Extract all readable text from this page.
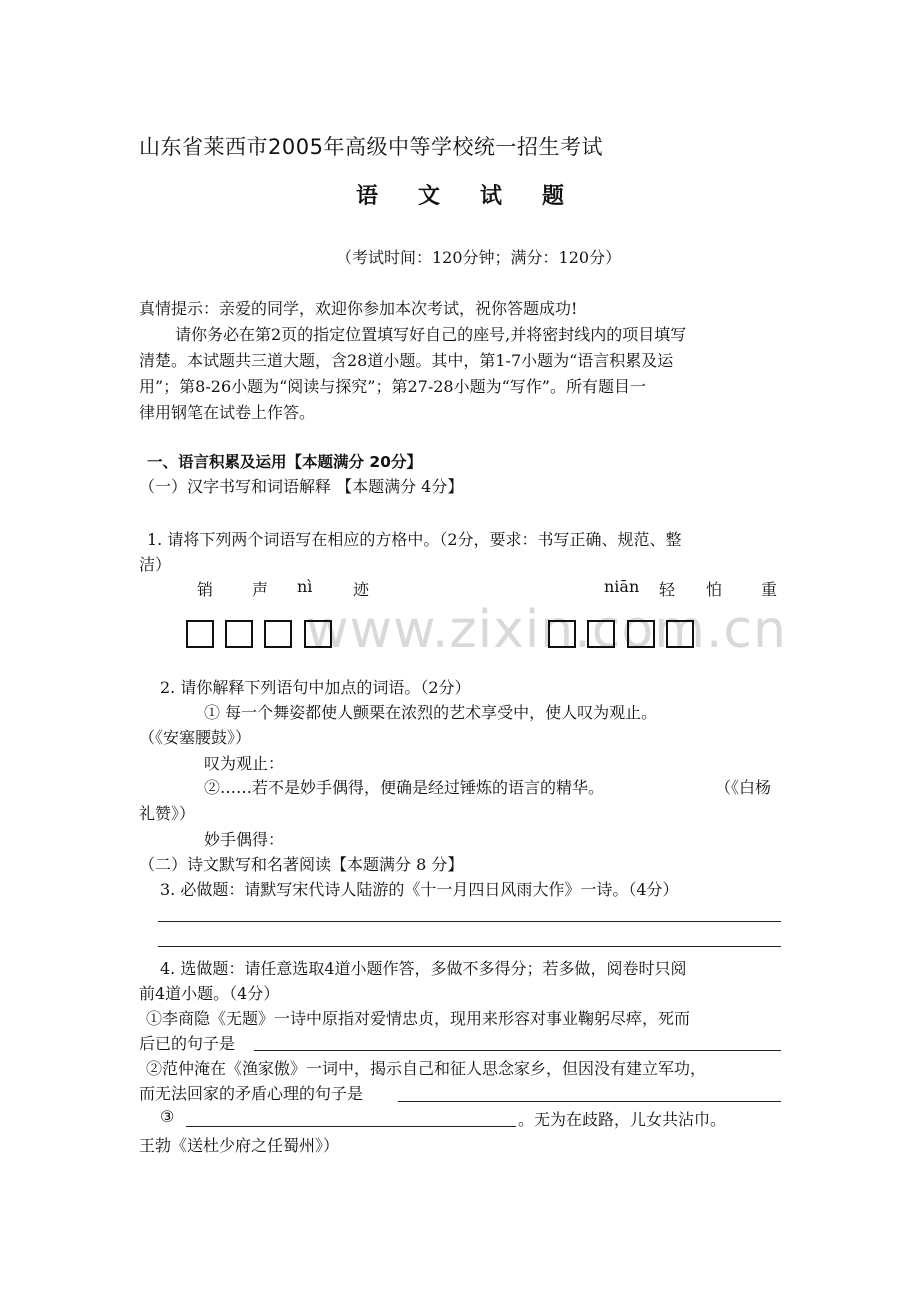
山东省莱西市2005年高级中等学校统一招生考试
语 文 试 题
（考试时间：120分钟；满分：120分）
真情提示：亲爱的同学，欢迎你参加本次考试，祝你答题成功!
请你务必在第2页的指定位置填写好自己的座号,并将密封线内的项目填写
清楚。本试题共三道大题，含28道小题。其中，第1-7小题为“语言积累及运
用”；第8-26小题为“阅读与探究”；第27-28小题为“写作”。所有题目一
律用钢笔在试卷上作答。
一、语言积累及运用【本题满分 20分】
（一）汉字书写和词语解释 【本题满分 4分】
1. 请将下列两个词语写在相应的方格中。（2分，要求：书写正确、规范、整
洁）
销 声 nì	迹	niān 轻 怕 重
www.zixin.com.cn
2. 请你解释下列语句中加点的词语。（2分）
① 每一个舞姿都使人颤栗在浓烈的艺术享受中，使人叹为观止。
（《安塞腰鼓》）
叹为观止：
②……若不是妙手偶得，便确是经过锤炼的语言的精华。	（《白杨
礼赞》）
妙手偶得：
（二）诗文默写和名著阅读【本题满分 8 分】
3. 必做题：请默写宋代诗人陆游的《十一月四日风雨大作》一诗。（4分）
4. 选做题：请任意选取4道小题作答，多做不多得分；若多做，阅卷时只阅
前4道小题。（4分）
①李商隐《无题》一诗中原指对爱情忠贞，现用来形容对事业鞠躬尽瘁，死而
后已的句子是
②范仲淹在《渔家傲》一词中，揭示自己和征人思念家乡，但因没有建立军功，
而无法回家的矛盾心理的句子是
③	。无为在歧路，儿女共沾巾。
王勃《送杜少府之任蜀州》）
